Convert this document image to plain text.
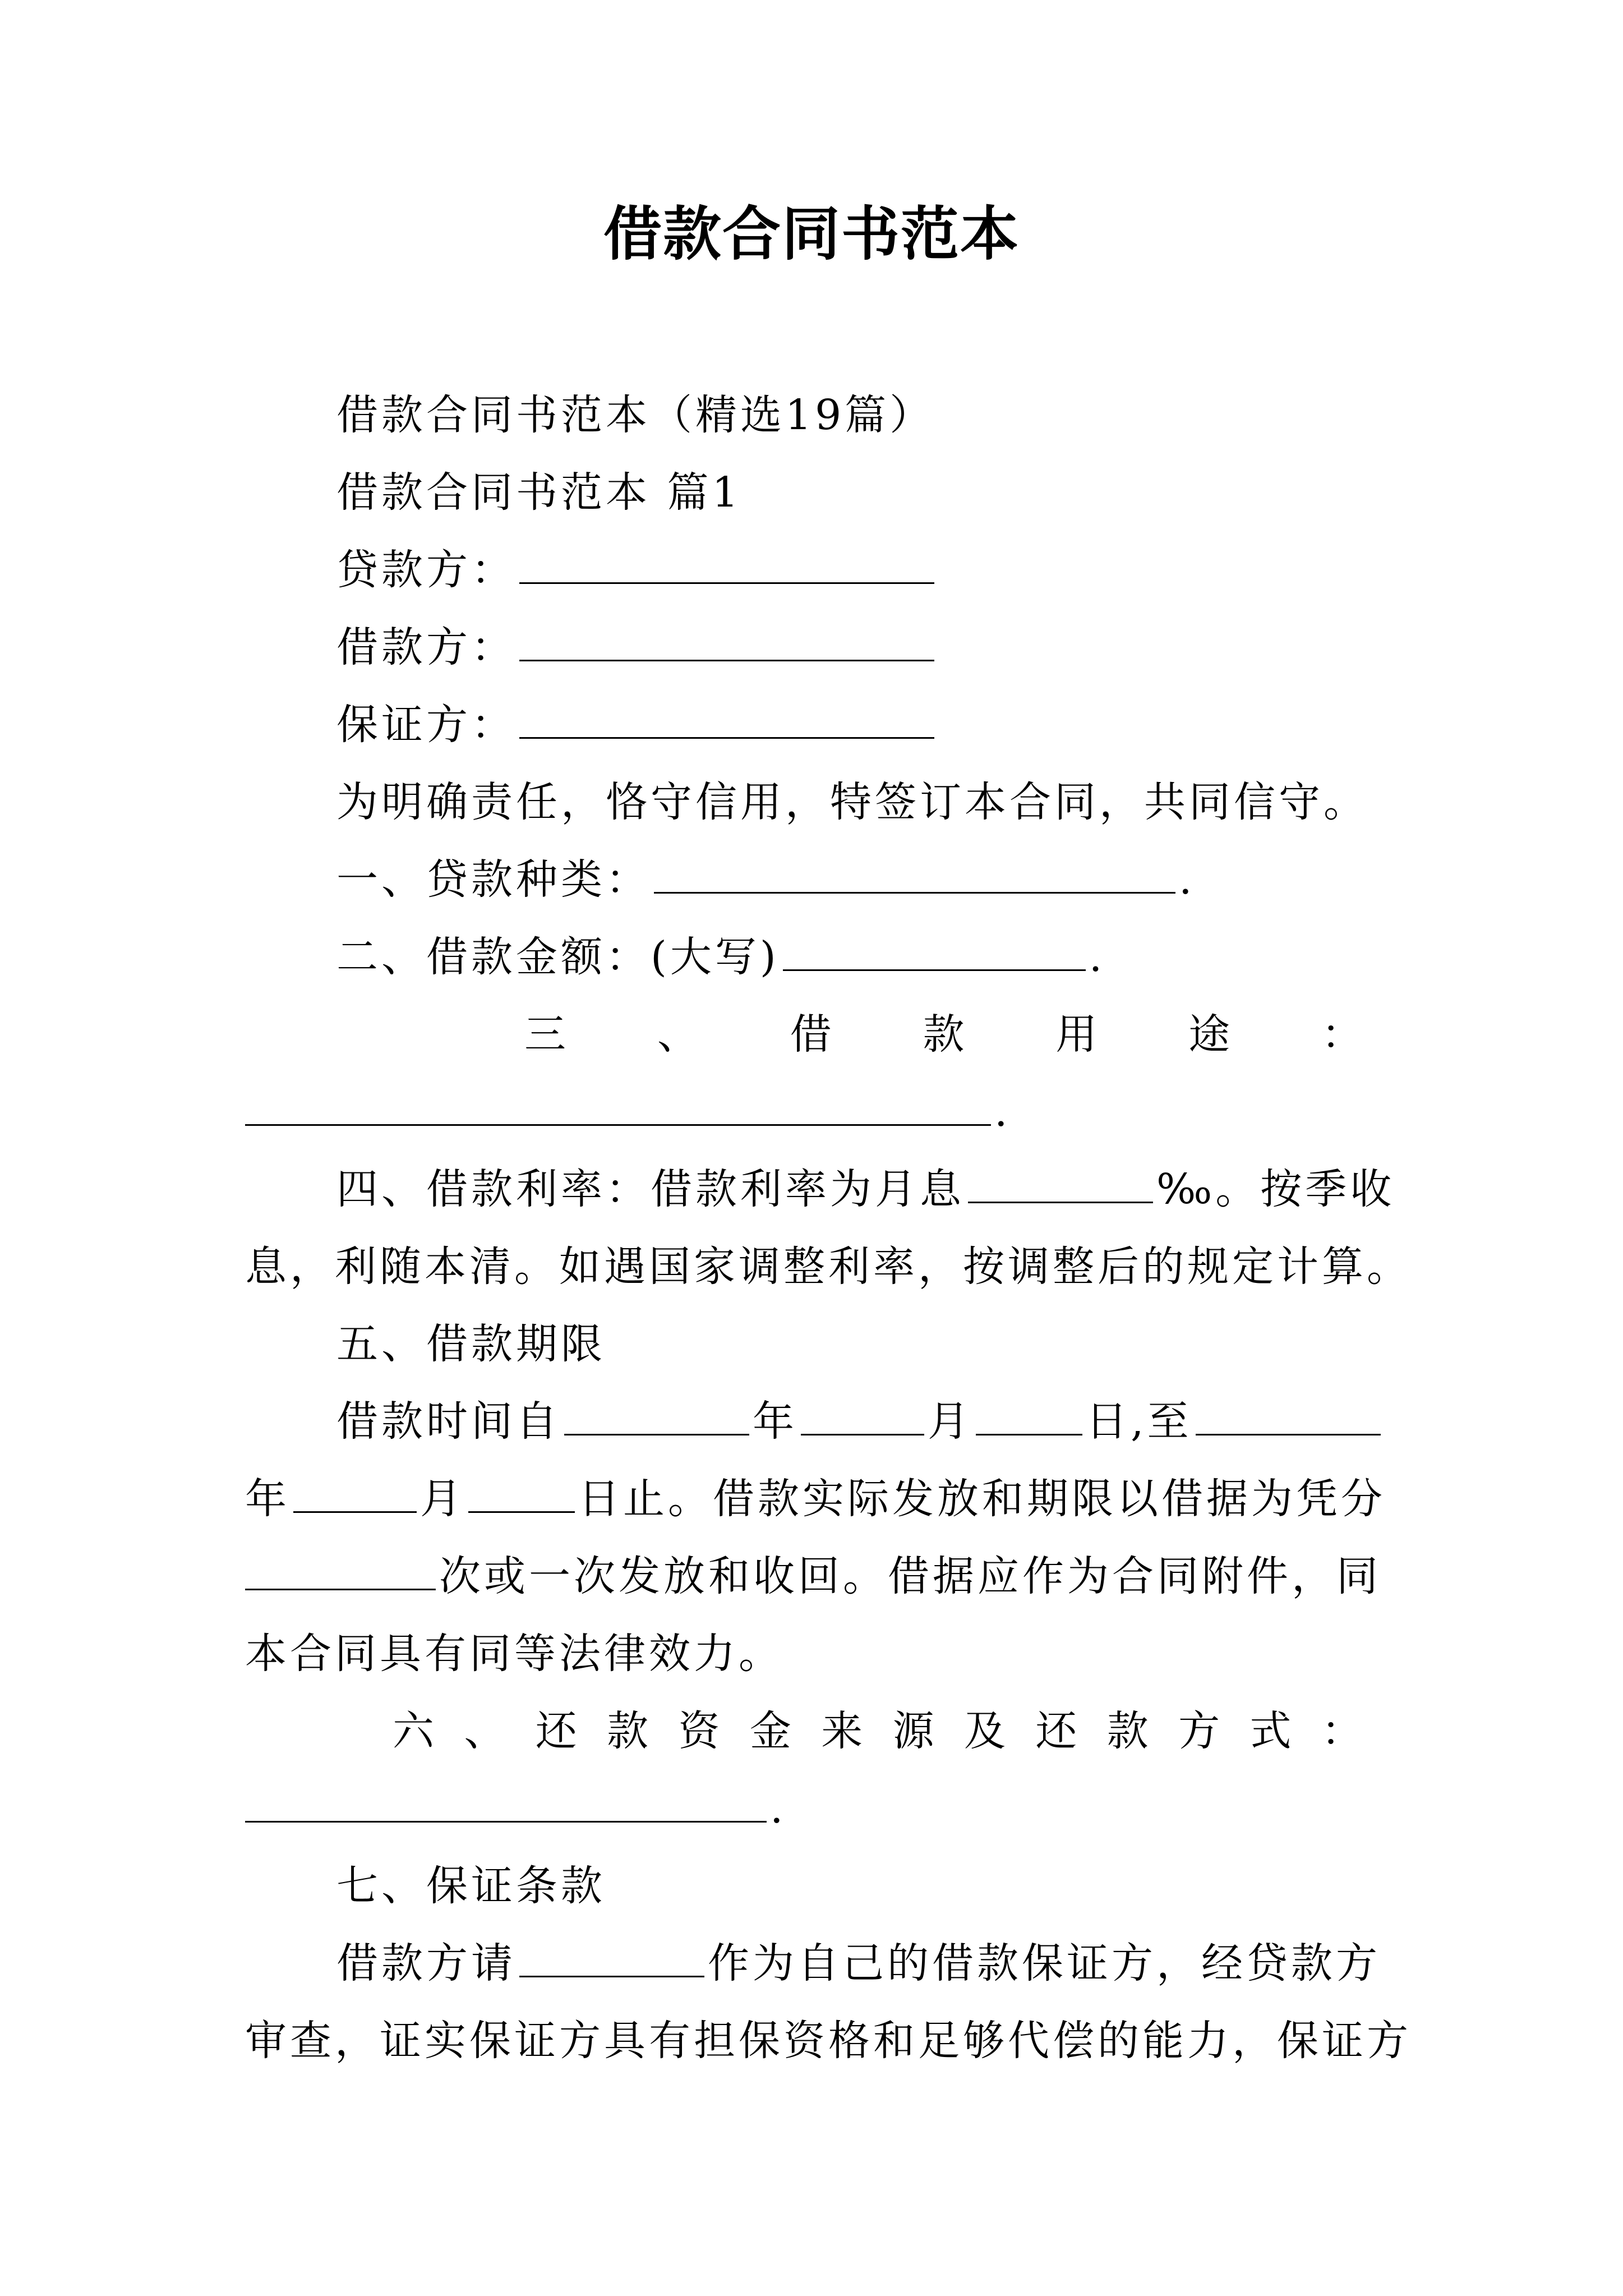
借款合同书范本
借款合同书范本（精选19篇）
借款合同书范本 篇1
贷款方：
借款方：
保证方：
为明确责任，恪守信用，特签订本合同，共同信守。
一、贷款种类：	.
二、借款金额：(大写)	.
三 、 借 款 用 途 ：
.
四、借款利率：借款利率为月息	‰。按季收
息，利随本清。如遇国家调整利率，按调整后的规定计算。
五、借款期限
借款时间自	年	月	日,至
年	月	日止。借款实际发放和期限以借据为凭分
次或一次发放和收回。借据应作为合同附件，同
本合同具有同等法律效力。
六 、 还 款 资 金 来 源 及 还 款 方 式 ：
.
七、保证条款
借款方请	作为自己的借款保证方，经贷款方
审查，证实保证方具有担保资格和足够代偿的能力，保证方
